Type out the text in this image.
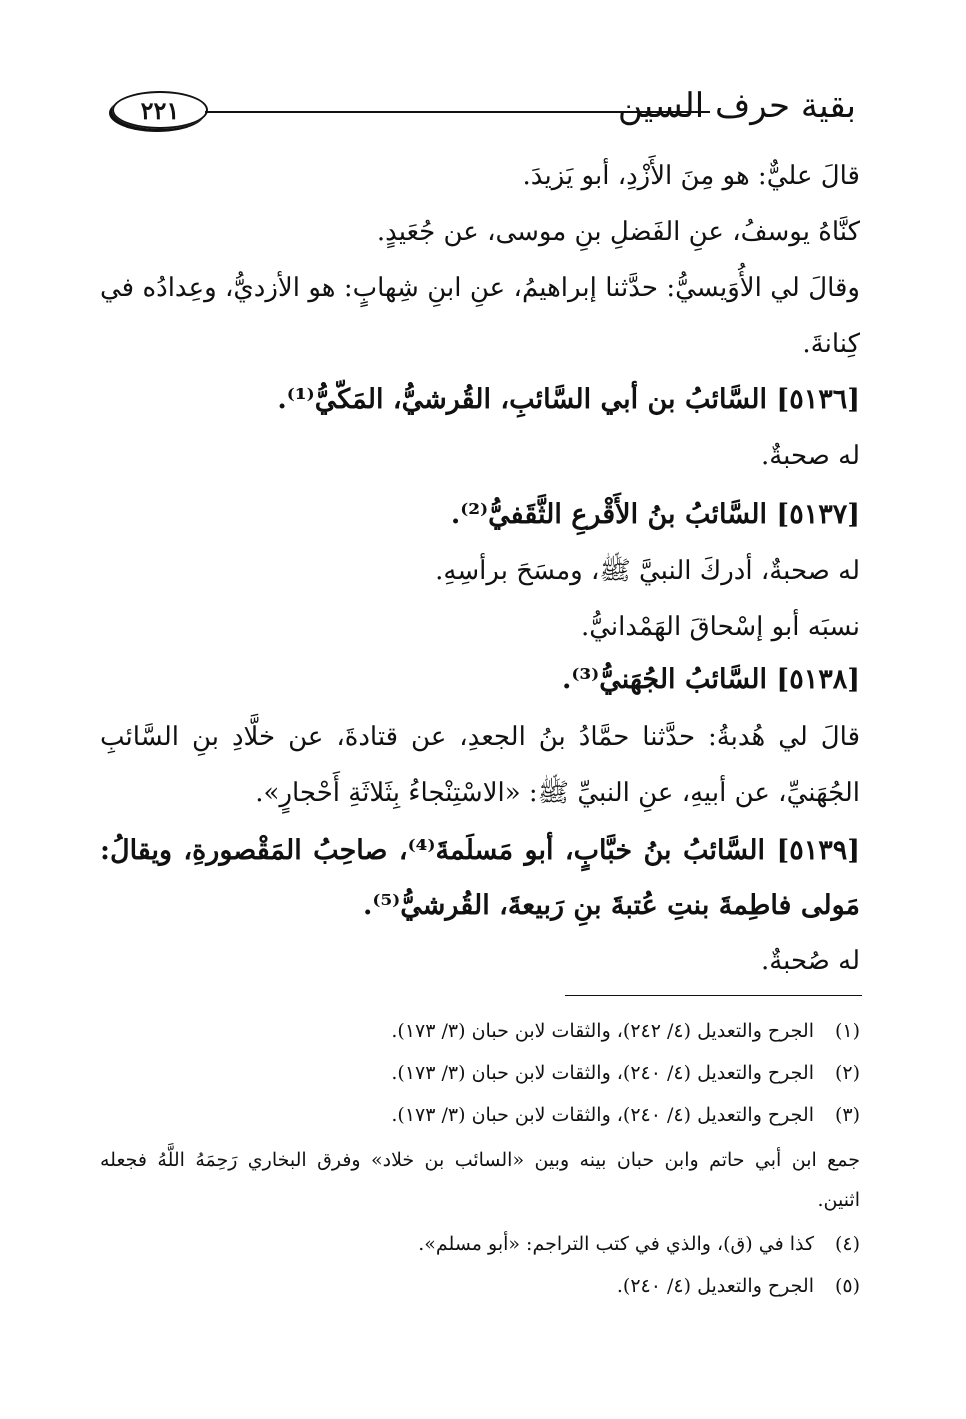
بقية حرف السين
٢٢١
قالَ عليٌّ: هو مِنَ الأَزْدِ، أبو يَزيدَ.
كنَّاهُ يوسفُ، عنِ الفَضلِ بنِ موسى، عن جُعَيدٍ.
وقالَ لي الأُوَيسيُّ: حدَّثنا إبراهيمُ، عنِ ابنِ شِهابٍ: هو الأزديُّ، وعِدادُه في
كِنانةَ.
[٥١٣٦] السَّائبُ بن أبي السَّائبِ، القُرشيُّ، المَكّيُّ⁽¹⁾.
له صحبةٌ.
[٥١٣٧] السَّائبُ بنُ الأَقْرعِ الثَّقَفيُّ⁽²⁾.
له صحبةٌ، أدركَ النبيَّ ﷺ، ومسَحَ برأسِهِ.
نسبَه أبو إسْحاقَ الهَمْدانيُّ.
[٥١٣٨] السَّائبُ الجُهَنيُّ⁽³⁾.
قالَ لي هُدبةُ: حدَّثنا حمَّادُ بنُ الجعدِ، عن قتادةَ، عن خلَّادِ بنِ السَّائبِ
الجُهَنيِّ، عن أبيهِ، عنِ النبيِّ ﷺ: «الاسْتِنْجاءُ بِثَلاثَةِ أَحْجارٍ».
[٥١٣٩] السَّائبُ بنُ خبَّابٍ، أبو مَسلَمةَ⁽⁴⁾، صاحِبُ المَقْصورةِ، ويقالُ:
مَولى فاطِمةَ بنتِ عُتبةَ بنِ رَبيعةَ، القُرشيُّ⁽⁵⁾.
له صُحبةٌ.
(١)الجرح والتعديل (٤/ ٢٤٢)، والثقات لابن حبان (٣/ ١٧٣).
(٢)الجرح والتعديل (٤/ ٢٤٠)، والثقات لابن حبان (٣/ ١٧٣).
(٣)الجرح والتعديل (٤/ ٢٤٠)، والثقات لابن حبان (٣/ ١٧٣).
جمع ابن أبي حاتم وابن حبان بينه وبين «السائب بن خلاد» وفرق البخاري رَحِمَهُ اللَّهُ فجعله
اثنين.
(٤)كذا في (ق)، والذي في كتب التراجم: «أبو مسلم».
(٥)الجرح والتعديل (٤/ ٢٤٠).
